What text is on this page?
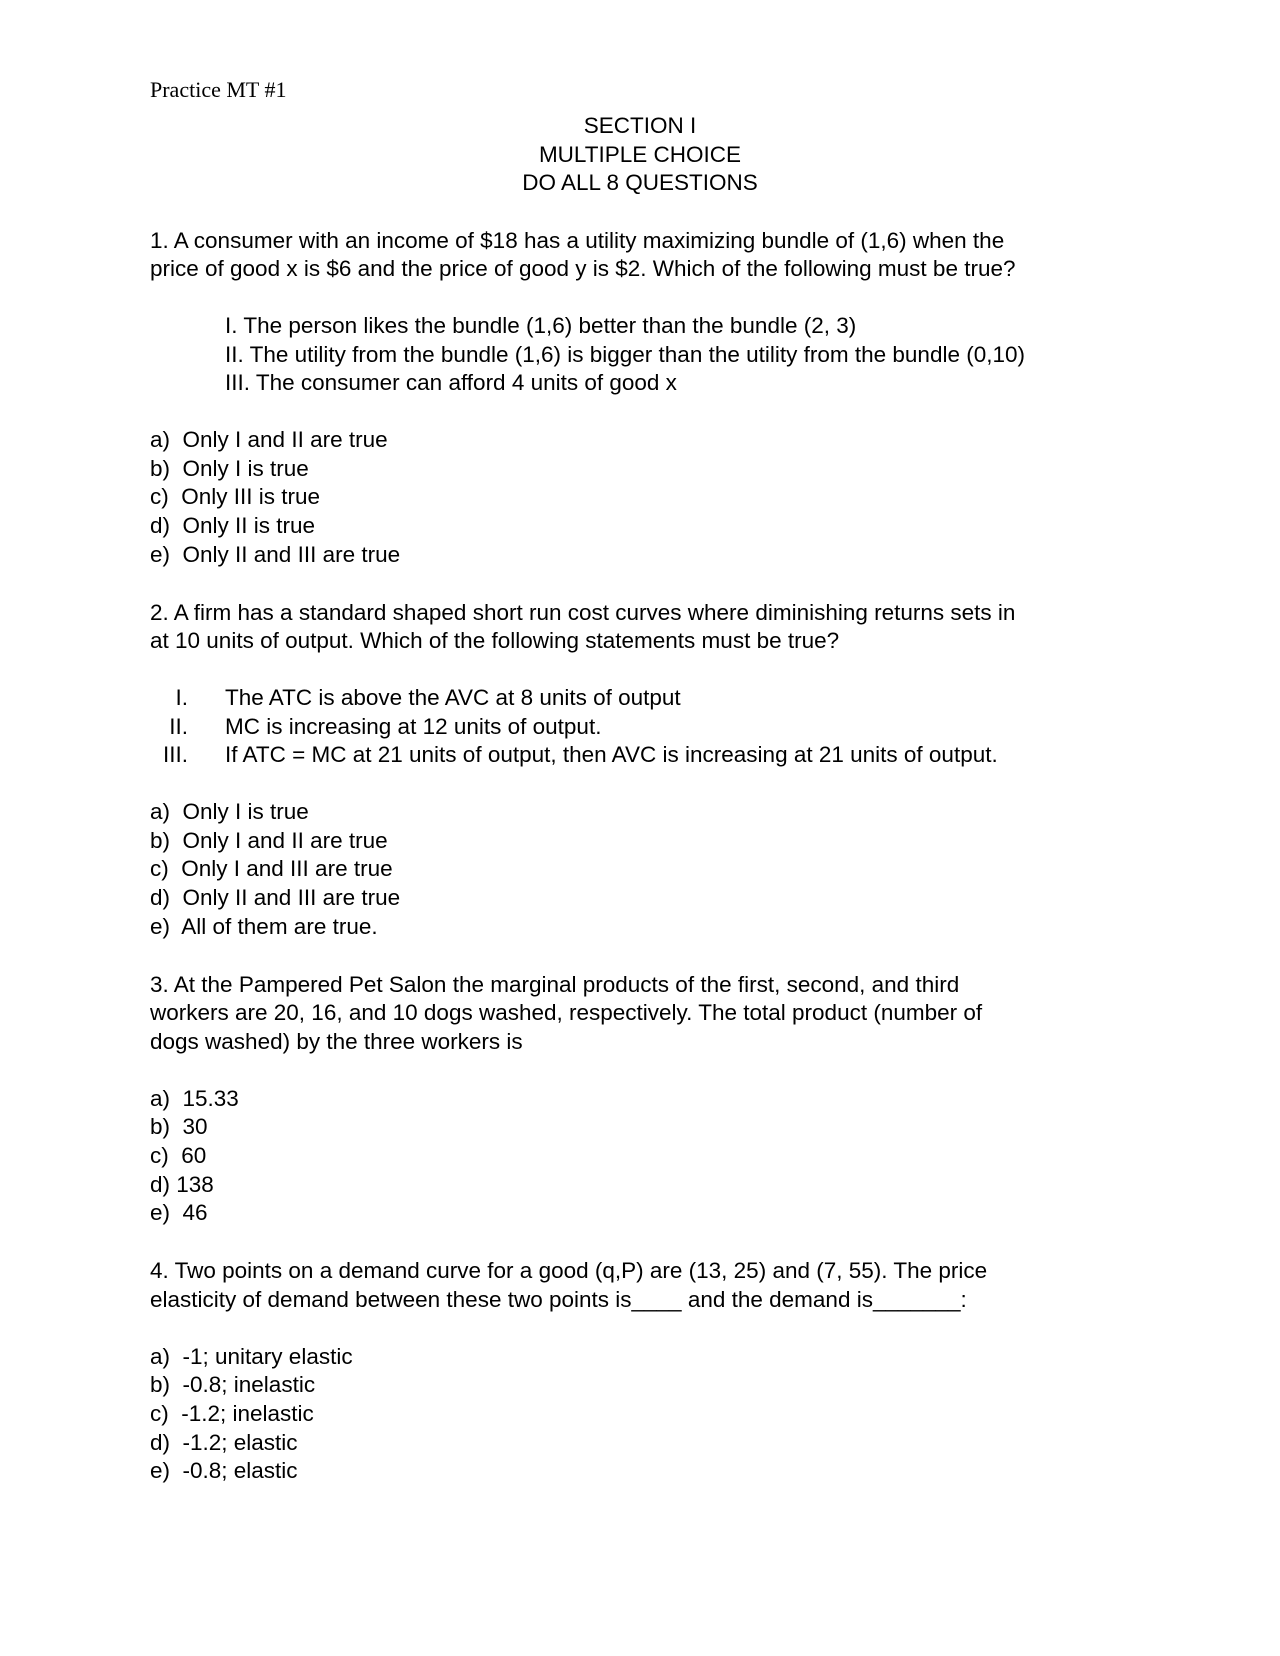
Practice MT #1
SECTION I
MULTIPLE CHOICE
DO ALL 8 QUESTIONS
1. A consumer with an income of $18 has a utility maximizing bundle of (1,6) when the
price of good x is $6 and the price of good y is $2. Which of the following must be true?
I. The person likes the bundle (1,6) better than the bundle (2, 3)
II. The utility from the bundle (1,6) is bigger than the utility from the bundle (0,10)
III. The consumer can afford 4 units of good x
a)  Only I and II are true
b)  Only I is true
c)  Only III is true
d)  Only II is true
e)  Only II and III are true
2. A firm has a standard shaped short run cost curves where diminishing returns sets in
at 10 units of output. Which of the following statements must be true?
I. The ATC is above the AVC at 8 units of output
II. MC is increasing at 12 units of output.
III. If ATC = MC at 21 units of output, then AVC is increasing at 21 units of output.
a)  Only I is true
b)  Only I and II are true
c)  Only I and III are true
d)  Only II and III are true
e)  All of them are true.
3. At the Pampered Pet Salon the marginal products of the first, second, and third
workers are 20, 16, and 10 dogs washed, respectively. The total product (number of
dogs washed) by the three workers is
a)  15.33
b)  30
c)  60
d) 138
e)  46
4. Two points on a demand curve for a good (q,P) are (13, 25) and (7, 55). The price
elasticity of demand between these two points is____ and the demand is_______:
a)  -1; unitary elastic
b)  -0.8; inelastic
c)  -1.2; inelastic
d)  -1.2; elastic
e)  -0.8; elastic
